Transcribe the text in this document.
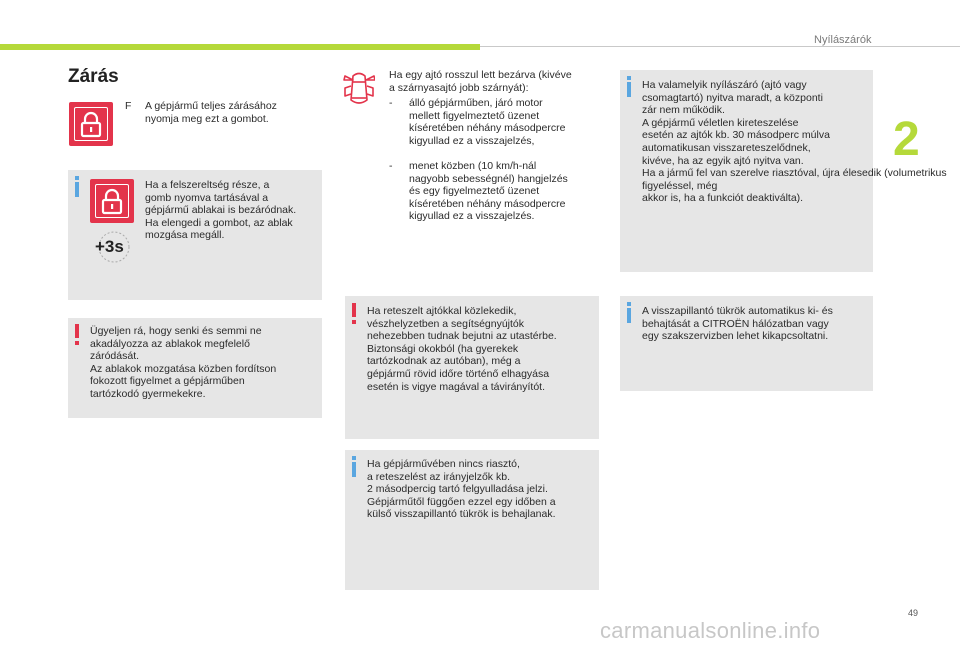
Nyílászárók
2
Zárás
F A gépjármű teljes zárásához
nyomja meg ezt a gombot.
+3s
Ha a felszereltség része, a
gomb nyomva tartásával a
gépjármű ablakai is bezáródnak.
Ha elengedi a gombot, az ablak
mozgása megáll.
Ügyeljen rá, hogy senki és semmi ne
akadályozza az ablakok megfelelő
záródását.
Az ablakok mozgatása közben fordítson
fokozott figyelmet a gépjárműben
tartózkodó gyermekekre.
Ha egy ajtó rosszul lett bezárva (kivéve
a szárnyasajtó jobb szárnyát):
- álló gépjárműben, járó motor
mellett figyelmeztető üzenet
kíséretében néhány másodpercre
kigyullad ez a visszajelzés,
- menet közben (10 km/h-nál
nagyobb sebességnél) hangjelzés
és egy figyelmeztető üzenet
kíséretében néhány másodpercre
kigyullad ez a visszajelzés.
Ha reteszelt ajtókkal közlekedik,
vészhelyzetben a segítségnyújtók
nehezebben tudnak bejutni az utastérbe.
Biztonsági okokból (ha gyerekek
tartózkodnak az autóban), még a
gépjármű rövid időre történő elhagyása
esetén is vigye magával a távirányítót.
Ha gépjárművében nincs riasztó,
a reteszelést az irányjelzők kb.
2 másodpercig tartó felgyulladása jelzi.
Gépjárműtől függően ezzel egy időben a
külső visszapillantó tükrök is behajlanak.
Ha valamelyik nyílászáró (ajtó vagy
csomagtartó) nyitva maradt, a központi
zár nem működik.
A gépjármű véletlen kireteszelése
esetén az ajtók kb. 30 másodperc múlva
automatikusan visszareteszelődnek,
kivéve, ha az egyik ajtó nyitva van.
Ha a jármű fel van szerelve riasztóval, újra élesedik (volumetrikus figyeléssel, még
akkor is, ha a funkciót deaktiválta).
A visszapillantó tükrök automatikus ki- és
behajtását a CITROËN hálózatban vagy
egy szakszervizben lehet kikapcsoltatni.
49
carmanualsonline.info
